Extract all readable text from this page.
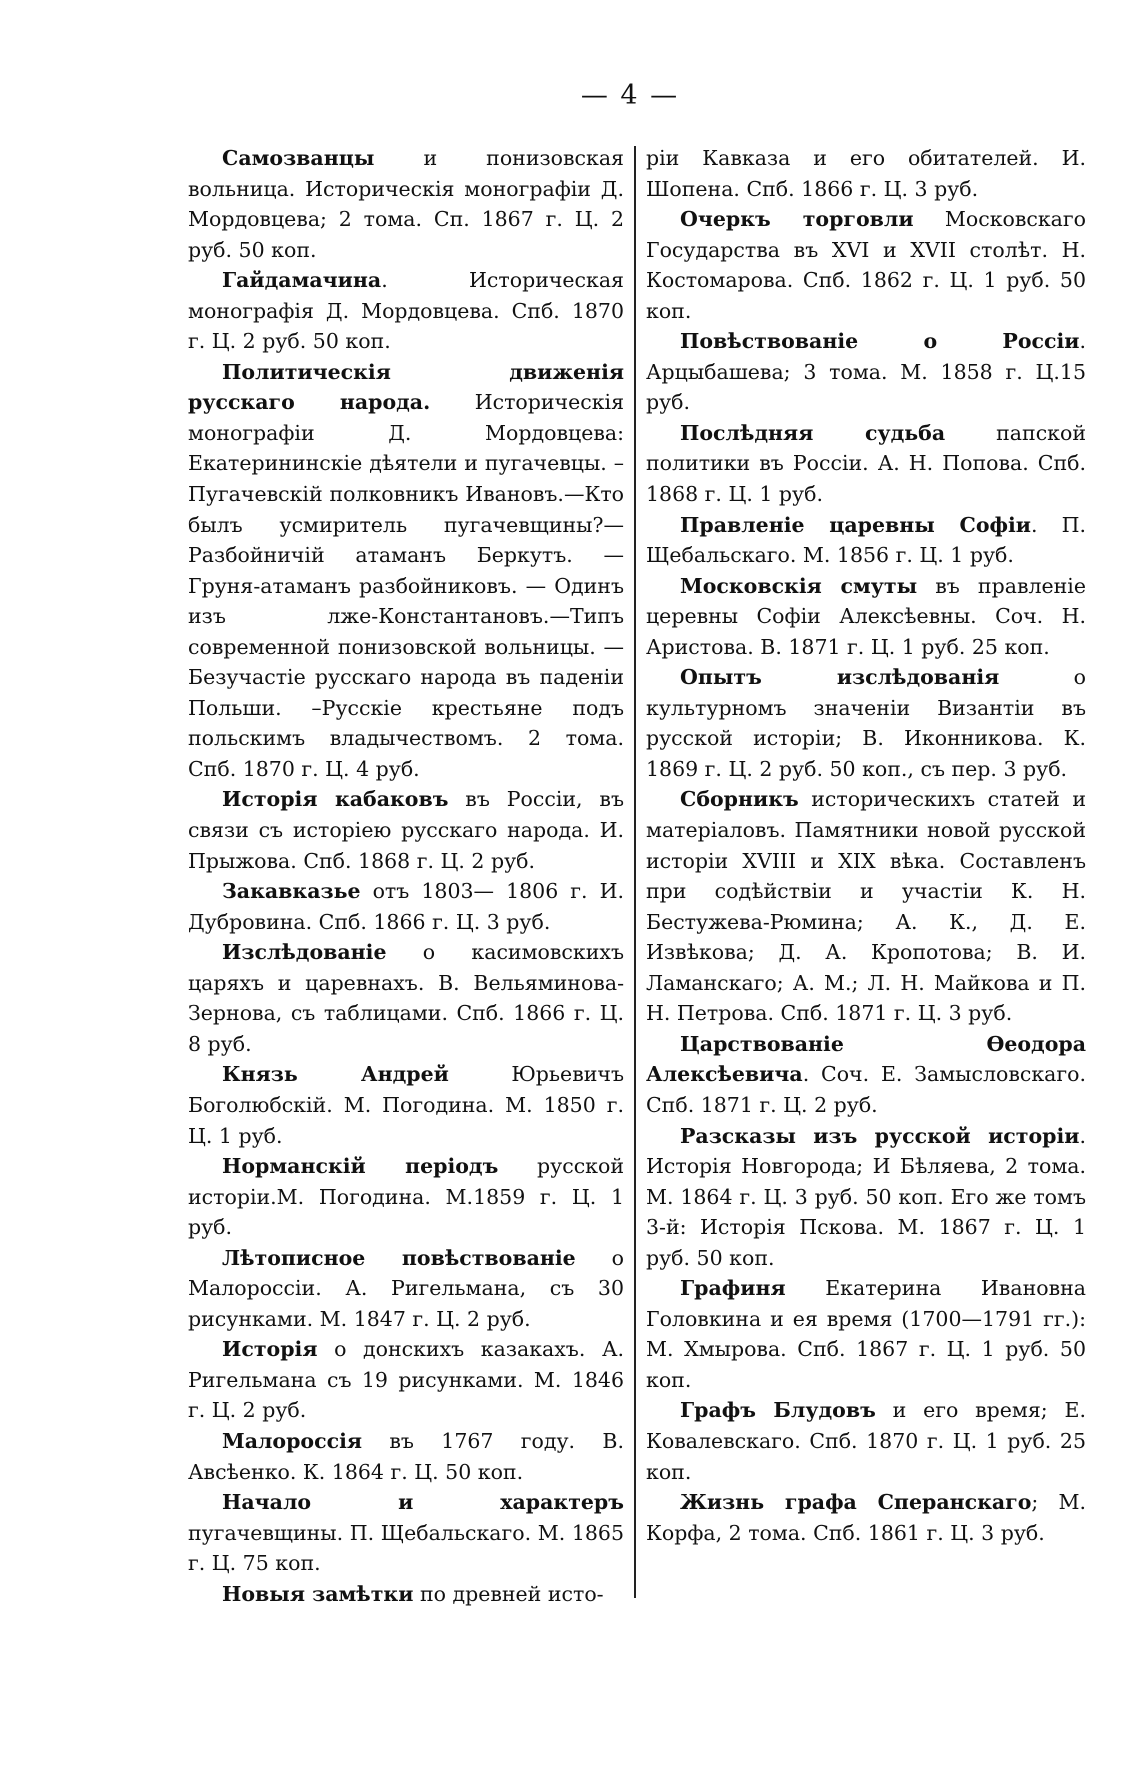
— 4 —

Самозванцы и понизовская вольница. Историческія монографіи Д. Мордовцева; 2 тома. Сп. 1867 г. Ц. 2 руб. 50 коп.

Гайдамачина. Историческая монографія Д. Мордовцева. Спб. 1870 г. Ц. 2 руб. 50 коп.

Политическія движенія русскаго народа. Историческія монографіи Д. Мордовцева: Екатерининскіе дѣятели и пугачевцы. – Пугачевскій полковникъ Ивановъ.—Кто былъ усмиритель пугачевщины?— Разбойничій атаманъ Беркутъ. — Груня-атаманъ разбойниковъ. — Одинъ изъ лже-Константановъ.—Типъ современной понизовской вольницы. — Безучастіе русскаго народа въ паденіи Польши. –Русскіе крестьяне подъ польскимъ владычествомъ. 2 тома. Спб. 1870 г. Ц. 4 руб.

Исторія кабаковъ въ Россіи, въ связи съ исторіею русскаго народа. И. Прыжова. Спб. 1868 г. Ц. 2 руб.

Закавказье отъ 1803— 1806 г. И. Дубровина. Спб. 1866 г. Ц. 3 руб.

Изслѣдованіе о касимовскихъ царяхъ и царевнахъ. В. Вельяминова-Зернова, съ таблицами. Спб. 1866 г. Ц. 8 руб.

Князь Андрей Юрьевичъ Боголюбскій. М. Погодина. М. 1850 г. Ц. 1 руб.

Норманскій періодъ русской исторіи.М. Погодина. М.1859 г. Ц. 1 руб.

Лѣтописное повѣствованіе о Малороссіи. А. Ригельмана, съ 30 рисунками. М. 1847 г. Ц. 2 руб.

Исторія о донскихъ казакахъ. А. Ригельмана съ 19 рисунками. М. 1846 г. Ц. 2 руб.

Малороссія въ 1767 году. В. Авсѣенко. К. 1864 г. Ц. 50 коп.

Начало и характеръ пугачевщины. П. Щебальскаго. М. 1865 г. Ц. 75 коп.

Новыя замѣтки по древней исто-

ріи Кавказа и его обитателей. И. Шопена. Спб. 1866 г. Ц. 3 руб.

Очеркъ торговли Московскаго Государства въ XVI и XVII столѣт. Н. Костомарова. Спб. 1862 г. Ц. 1 руб. 50 коп.

Повѣствованіе о Россіи. Арцыбашева; 3 тома. М. 1858 г. Ц.15 руб.

Послѣдняя судьба папской политики въ Россіи. А. Н. Попова. Спб. 1868 г. Ц. 1 руб.

Правленіе царевны Софіи. П. Щебальскаго. М. 1856 г. Ц. 1 руб.

Московскія смуты въ правленіе церевны Софіи Алексѣевны. Соч. Н. Аристова. В. 1871 г. Ц. 1 руб. 25 коп.

Опытъ изслѣдованія о культурномъ значеніи Византіи въ русской исторіи; В. Иконникова. К. 1869 г. Ц. 2 руб. 50 коп., съ пер. 3 руб.

Сборникъ историческихъ статей и матеріаловъ. Памятники новой русской исторіи XVIII и XIX вѣка. Составленъ при содѣйствіи и участіи К. Н. Бестужева-Рюмина; А. К., Д. Е. Извѣкова; Д. А. Кропотова; В. И. Ламанскаго; А. М.; Л. Н. Майкова и П. Н. Петрова. Спб. 1871 г. Ц. 3 руб.

Царствованіе Ѳеодора Алексѣевича. Соч. Е. Замысловскаго. Спб. 1871 г. Ц. 2 руб.

Разсказы изъ русской исторіи. Исторія Новгорода; И Бѣляева, 2 тома. М. 1864 г. Ц. 3 руб. 50 коп. Его же томъ 3-й: Исторія Пскова. М. 1867 г. Ц. 1 руб. 50 коп.

Графиня Екатерина Ивановна Головкина и ея время (1700—1791 гг.): М. Хмырова. Спб. 1867 г. Ц. 1 руб. 50 коп.

Графъ Блудовъ и его время; Е. Ковалевскаго. Спб. 1870 г. Ц. 1 руб. 25 коп.

Жизнь графа Сперанскаго; М. Корфа, 2 тома. Спб. 1861 г. Ц. 3 руб.
